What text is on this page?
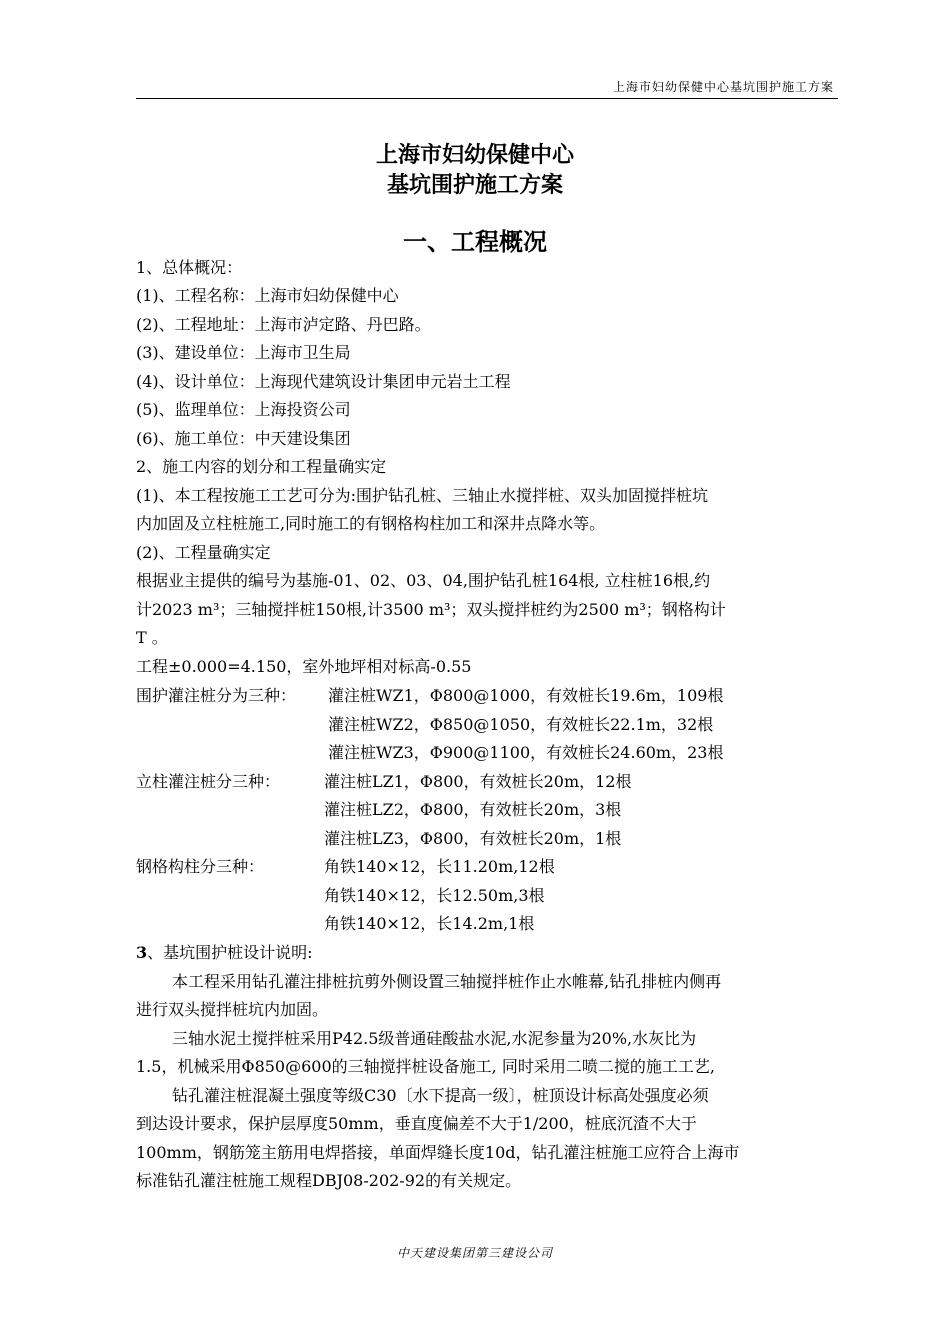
上海市妇幼保健中心基坑围护施工方案
上海市妇幼保健中心
基坑围护施工方案
一、工程概况
1、总体概况：
(1)、工程名称：上海市妇幼保健中心
(2)、工程地址：上海市泸定路、丹巴路。
(3)、建设单位：上海市卫生局
(4)、设计单位：上海现代建筑设计集团申元岩土工程
(5)、监理单位：上海投资公司
(6)、施工单位：中天建设集团
2、施工内容的划分和工程量确实定
(1)、本工程按施工工艺可分为:围护钻孔桩、三轴止水搅拌桩、双头加固搅拌桩坑
内加固及立柱桩施工,同时施工的有钢格构柱加工和深井点降水等。
(2)、工程量确实定
根据业主提供的编号为基施-01、02、03、04,围护钻孔桩164根, 立柱桩16根,约
计2023 m³；三轴搅拌桩150根,计3500 m³；双头搅拌桩约为2500 m³；钢格构计
T 。
工程±0.000=4.150，室外地坪相对标高-0.55
围护灌注桩分为三种： 灌注桩WZ1，Φ800@1000，有效桩长19.6m，109根
灌注桩WZ2，Φ850@1050，有效桩长22.1m，32根
灌注桩WZ3，Φ900@1100，有效桩长24.60m，23根
立柱灌注桩分三种：	灌注桩LZ1，Φ800，有效桩长20m，12根
灌注桩LZ2，Φ800，有效桩长20m，3根
灌注桩LZ3，Φ800，有效桩长20m，1根
钢格构柱分三种：	角铁140×12，长11.20m,12根
角铁140×12，长12.50m,3根
角铁140×12，长14.2m,1根
3、基坑围护桩设计说明:
本工程采用钻孔灌注排桩抗剪外侧设置三轴搅拌桩作止水帷幕,钻孔排桩内侧再
进行双头搅拌桩坑内加固。
三轴水泥土搅拌桩采用P42.5级普通硅酸盐水泥,水泥参量为20%,水灰比为
1.5，机械采用Φ850@600的三轴搅拌桩设备施工, 同时采用二喷二搅的施工工艺,
钻孔灌注桩混凝土强度等级C30〔水下提高一级〕，桩顶设计标高处强度必须
到达设计要求，保护层厚度50mm，垂直度偏差不大于1/200，桩底沉渣不大于
100mm，钢筋笼主筋用电焊搭接，单面焊缝长度10d，钻孔灌注桩施工应符合上海市
标准钻孔灌注桩施工规程DBJ08-202-92的有关规定。
中天建设集团第三建设公司
